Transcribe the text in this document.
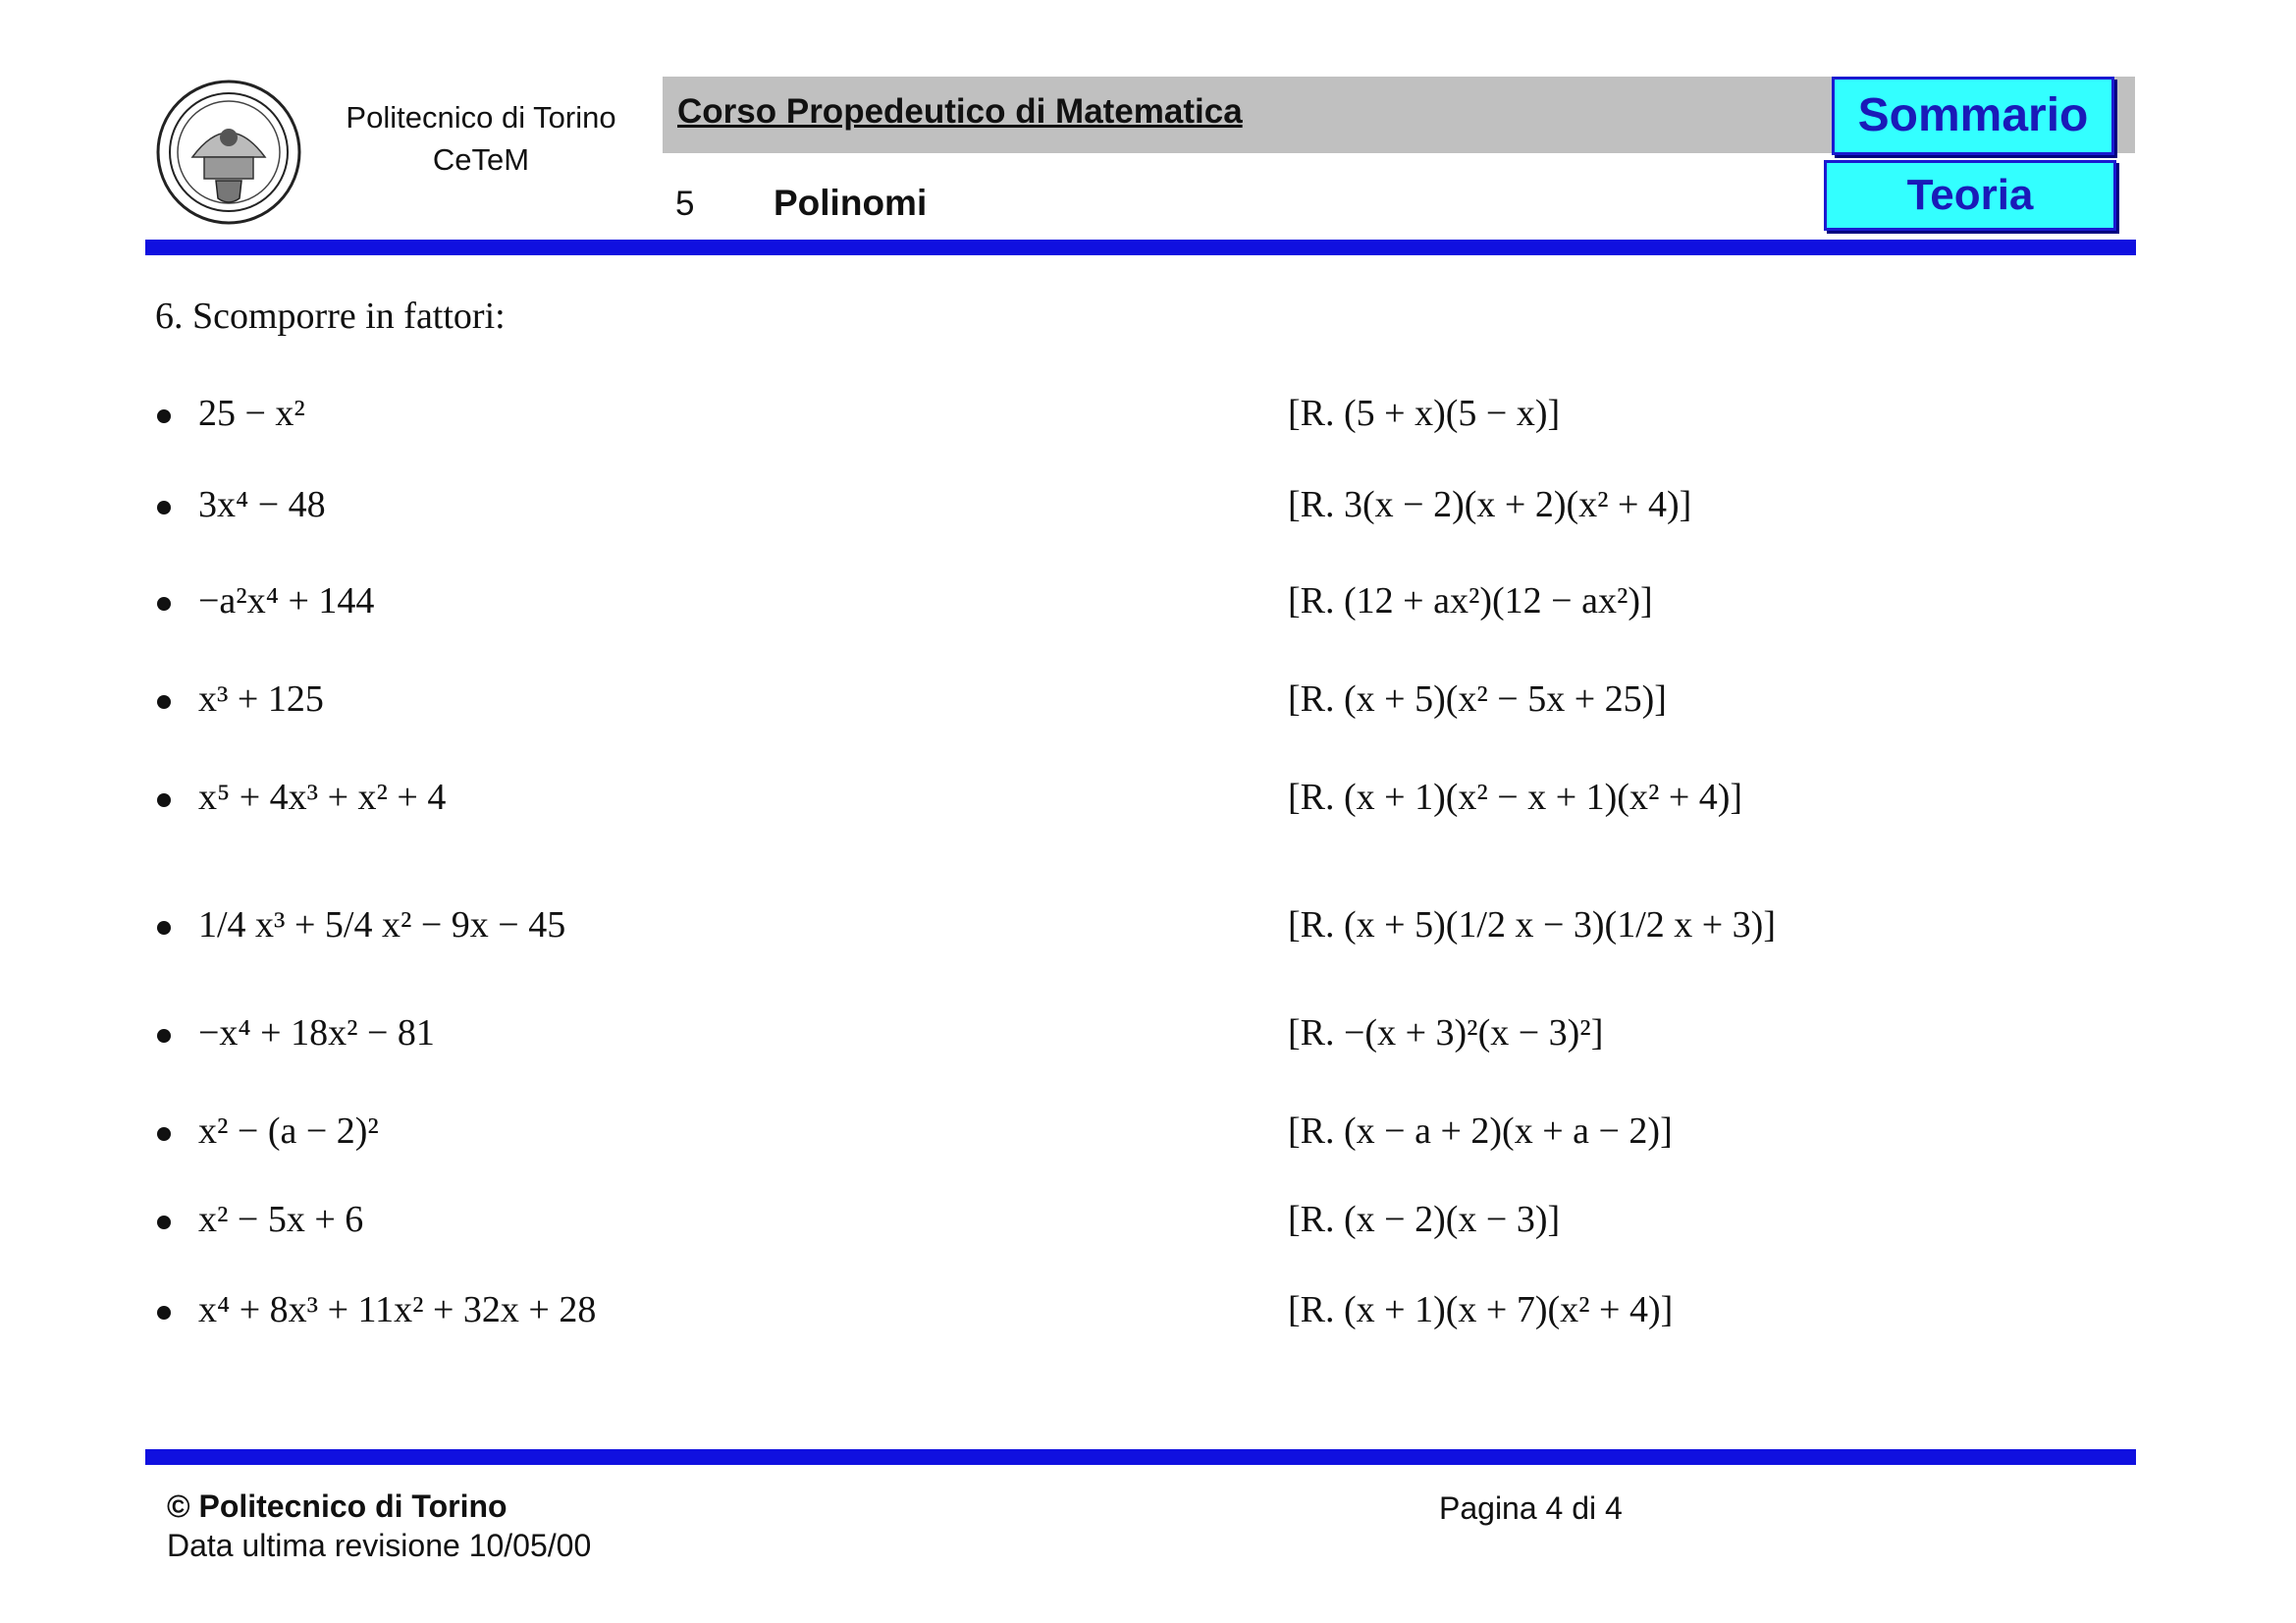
Politecnico di Torino
CeTeM
Corso Propedeutico di Matematica
5 Polinomi
Sommario
Teoria
6. Scomporre in fattori:
25 − x²	[R. (5 + x)(5 − x)]
3x⁴ − 48	[R. 3(x − 2)(x + 2)(x² + 4)]
−a²x⁴ + 144	[R. (12 + ax²)(12 − ax²)]
x³ + 125	[R. (x + 5)(x² − 5x + 25)]
x⁵ + 4x³ + x² + 4	[R. (x + 1)(x² − x + 1)(x² + 4)]
1/4 x³ + 5/4 x² − 9x − 45	[R. (x + 5)(1/2 x − 3)(1/2 x + 3)]
−x⁴ + 18x² − 81	[R. −(x + 3)²(x − 3)²]
x² − (a − 2)²	[R. (x − a + 2)(x + a − 2)]
x² − 5x + 6	[R. (x − 2)(x − 3)]
x⁴ + 8x³ + 11x² + 32x + 28	[R. (x + 1)(x + 7)(x² + 4)]
© Politecnico di Torino
Data ultima revisione 10/05/00
Pagina 4 di 4
